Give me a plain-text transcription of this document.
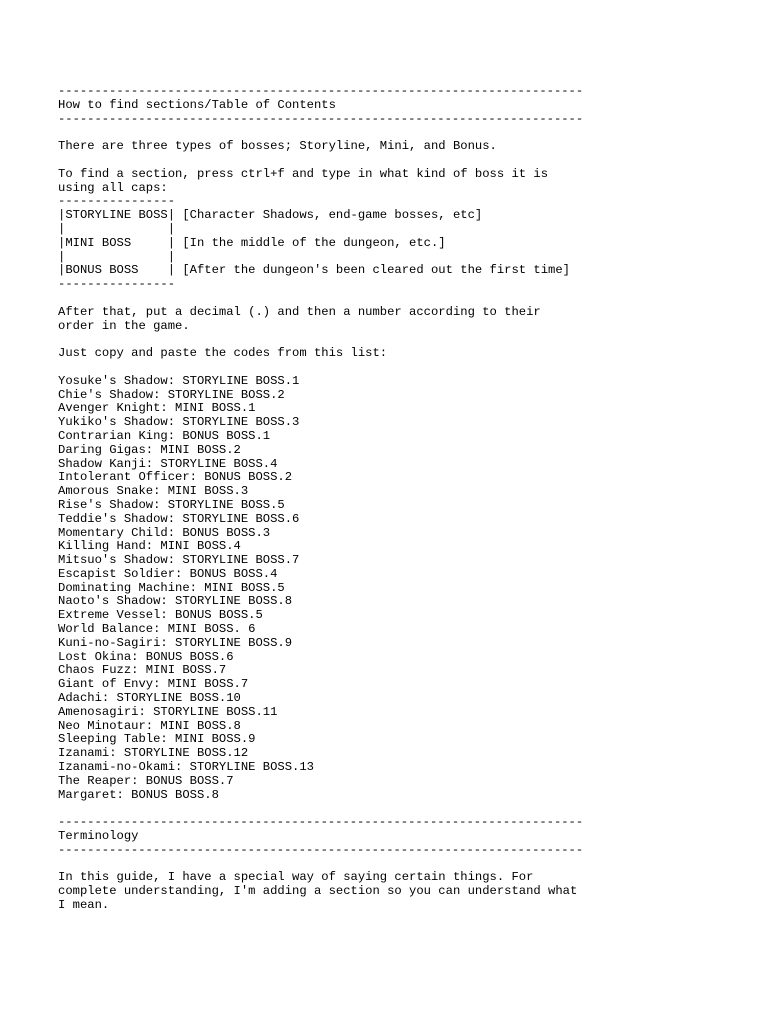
------------------------------------------------------------------------
How to find sections/Table of Contents
------------------------------------------------------------------------
There are three types of bosses; Storyline, Mini, and Bonus.
To find a section, press ctrl+f and type in what kind of boss it is
using all caps:
----------------
|STORYLINE BOSS| [Character Shadows, end-game bosses, etc]
|              |
|MINI BOSS     | [In the middle of the dungeon, etc.]
|              |
|BONUS BOSS    | [After the dungeon's been cleared out the first time]
----------------
After that, put a decimal (.) and then a number according to their
order in the game.
Just copy and paste the codes from this list:
Yosuke's Shadow: STORYLINE BOSS.1
Chie's Shadow: STORYLINE BOSS.2
Avenger Knight: MINI BOSS.1
Yukiko's Shadow: STORYLINE BOSS.3
Contrarian King: BONUS BOSS.1
Daring Gigas: MINI BOSS.2
Shadow Kanji: STORYLINE BOSS.4
Intolerant Officer: BONUS BOSS.2
Amorous Snake: MINI BOSS.3
Rise's Shadow: STORYLINE BOSS.5
Teddie's Shadow: STORYLINE BOSS.6
Momentary Child: BONUS BOSS.3
Killing Hand: MINI BOSS.4
Mitsuo's Shadow: STORYLINE BOSS.7
Escapist Soldier: BONUS BOSS.4
Dominating Machine: MINI BOSS.5
Naoto's Shadow: STORYLINE BOSS.8
Extreme Vessel: BONUS BOSS.5
World Balance: MINI BOSS. 6
Kuni-no-Sagiri: STORYLINE BOSS.9
Lost Okina: BONUS BOSS.6
Chaos Fuzz: MINI BOSS.7
Giant of Envy: MINI BOSS.7
Adachi: STORYLINE BOSS.10
Amenosagiri: STORYLINE BOSS.11
Neo Minotaur: MINI BOSS.8
Sleeping Table: MINI BOSS.9
Izanami: STORYLINE BOSS.12
Izanami-no-Okami: STORYLINE BOSS.13
The Reaper: BONUS BOSS.7
Margaret: BONUS BOSS.8
------------------------------------------------------------------------
Terminology
------------------------------------------------------------------------
In this guide, I have a special way of saying certain things. For
complete understanding, I'm adding a section so you can understand what
I mean.
